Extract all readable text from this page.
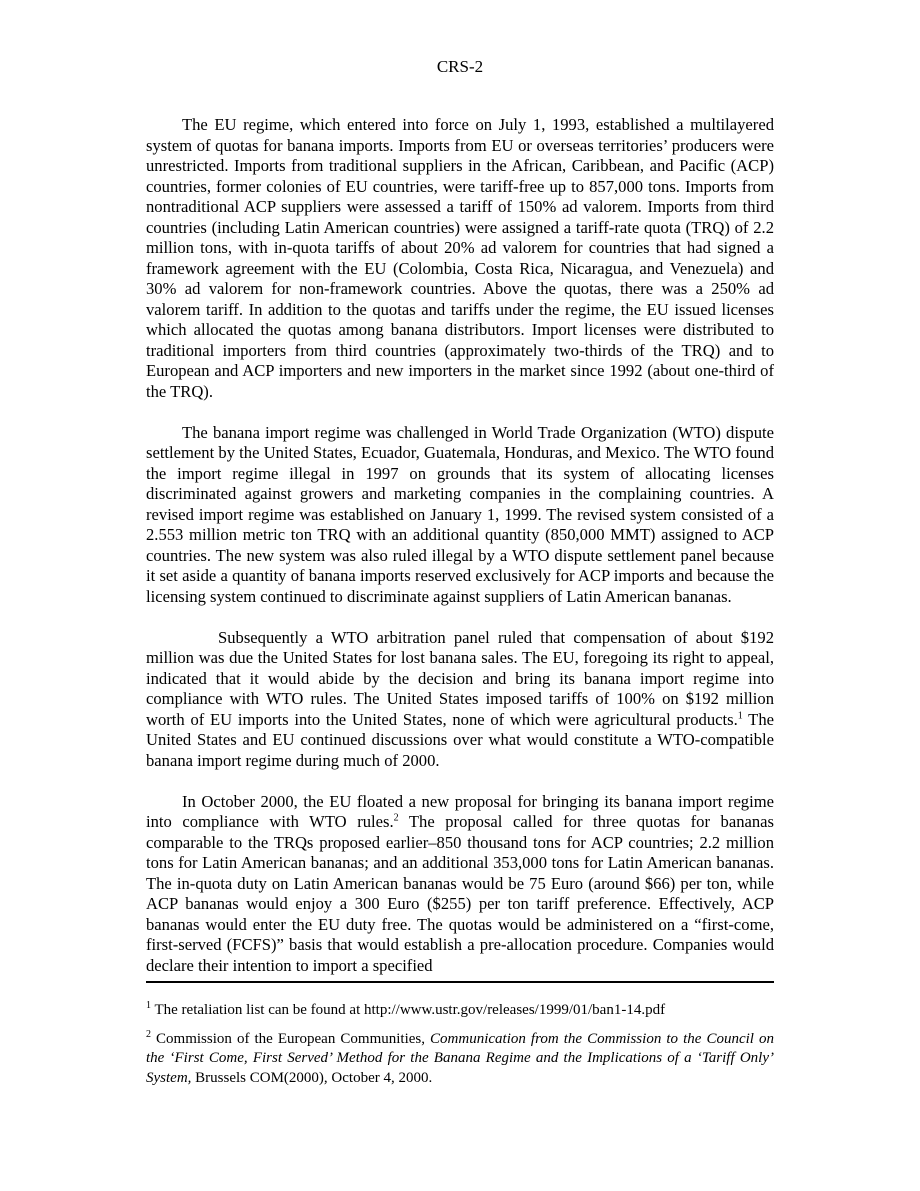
CRS-2

The EU regime, which entered into force on July 1, 1993, established a multilayered system of quotas for banana imports. Imports from EU or overseas territories’ producers were unrestricted. Imports from traditional suppliers in the African, Caribbean, and Pacific (ACP) countries, former colonies of EU countries, were tariff-free up to 857,000 tons. Imports from nontraditional ACP suppliers were assessed a tariff of 150% ad valorem. Imports from third countries (including Latin American countries) were assigned a tariff-rate quota (TRQ) of 2.2 million tons, with in-quota tariffs of about 20% ad valorem for countries that had signed a framework agreement with the EU (Colombia, Costa Rica, Nicaragua, and Venezuela) and 30% ad valorem for non-framework countries. Above the quotas, there was a 250% ad valorem tariff. In addition to the quotas and tariffs under the regime, the EU issued licenses which allocated the quotas among banana distributors. Import licenses were distributed to traditional importers from third countries (approximately two-thirds of the TRQ) and to European and ACP importers and new importers in the market since 1992 (about one-third of the TRQ).

The banana import regime was challenged in World Trade Organization (WTO) dispute settlement by the United States, Ecuador, Guatemala, Honduras, and Mexico. The WTO found the import regime illegal in 1997 on grounds that its system of allocating licenses discriminated against growers and marketing companies in the complaining countries. A revised import regime was established on January 1, 1999. The revised system consisted of a 2.553 million metric ton TRQ with an additional quantity (850,000 MMT) assigned to ACP countries. The new system was also ruled illegal by a WTO dispute settlement panel because it set aside a quantity of banana imports reserved exclusively for ACP imports and because the licensing system continued to discriminate against suppliers of Latin American bananas.

Subsequently a WTO arbitration panel ruled that compensation of about $192 million was due the United States for lost banana sales. The EU, foregoing its right to appeal, indicated that it would abide by the decision and bring its banana import regime into compliance with WTO rules. The United States imposed tariffs of 100% on $192 million worth of EU imports into the United States, none of which were agricultural products.$^1$ The United States and EU continued discussions over what would constitute a WTO-compatible banana import regime during much of 2000.

In October 2000, the EU floated a new proposal for bringing its banana import regime into compliance with WTO rules.$^2$ The proposal called for three quotas for bananas comparable to the TRQs proposed earlier–850 thousand tons for ACP countries; 2.2 million tons for Latin American bananas; and an additional 353,000 tons for Latin American bananas. The in-quota duty on Latin American bananas would be 75 Euro (around $66) per ton, while ACP bananas would enjoy a 300 Euro ($255) per ton tariff preference. Effectively, ACP bananas would enter the EU duty free. The quotas would be administered on a “first-come, first-served (FCFS)” basis that would establish a pre-allocation procedure. Companies would declare their intention to import a specified

$^1$ The retaliation list can be found at http://www.ustr.gov/releases/1999/01/ban1-14.pdf

$^2$ Commission of the European Communities, Communication from the Commission to the Council on the ‘First Come, First Served’ Method for the Banana Regime and the Implications of a ‘Tariff Only’ System, Brussels COM(2000), October 4, 2000.
